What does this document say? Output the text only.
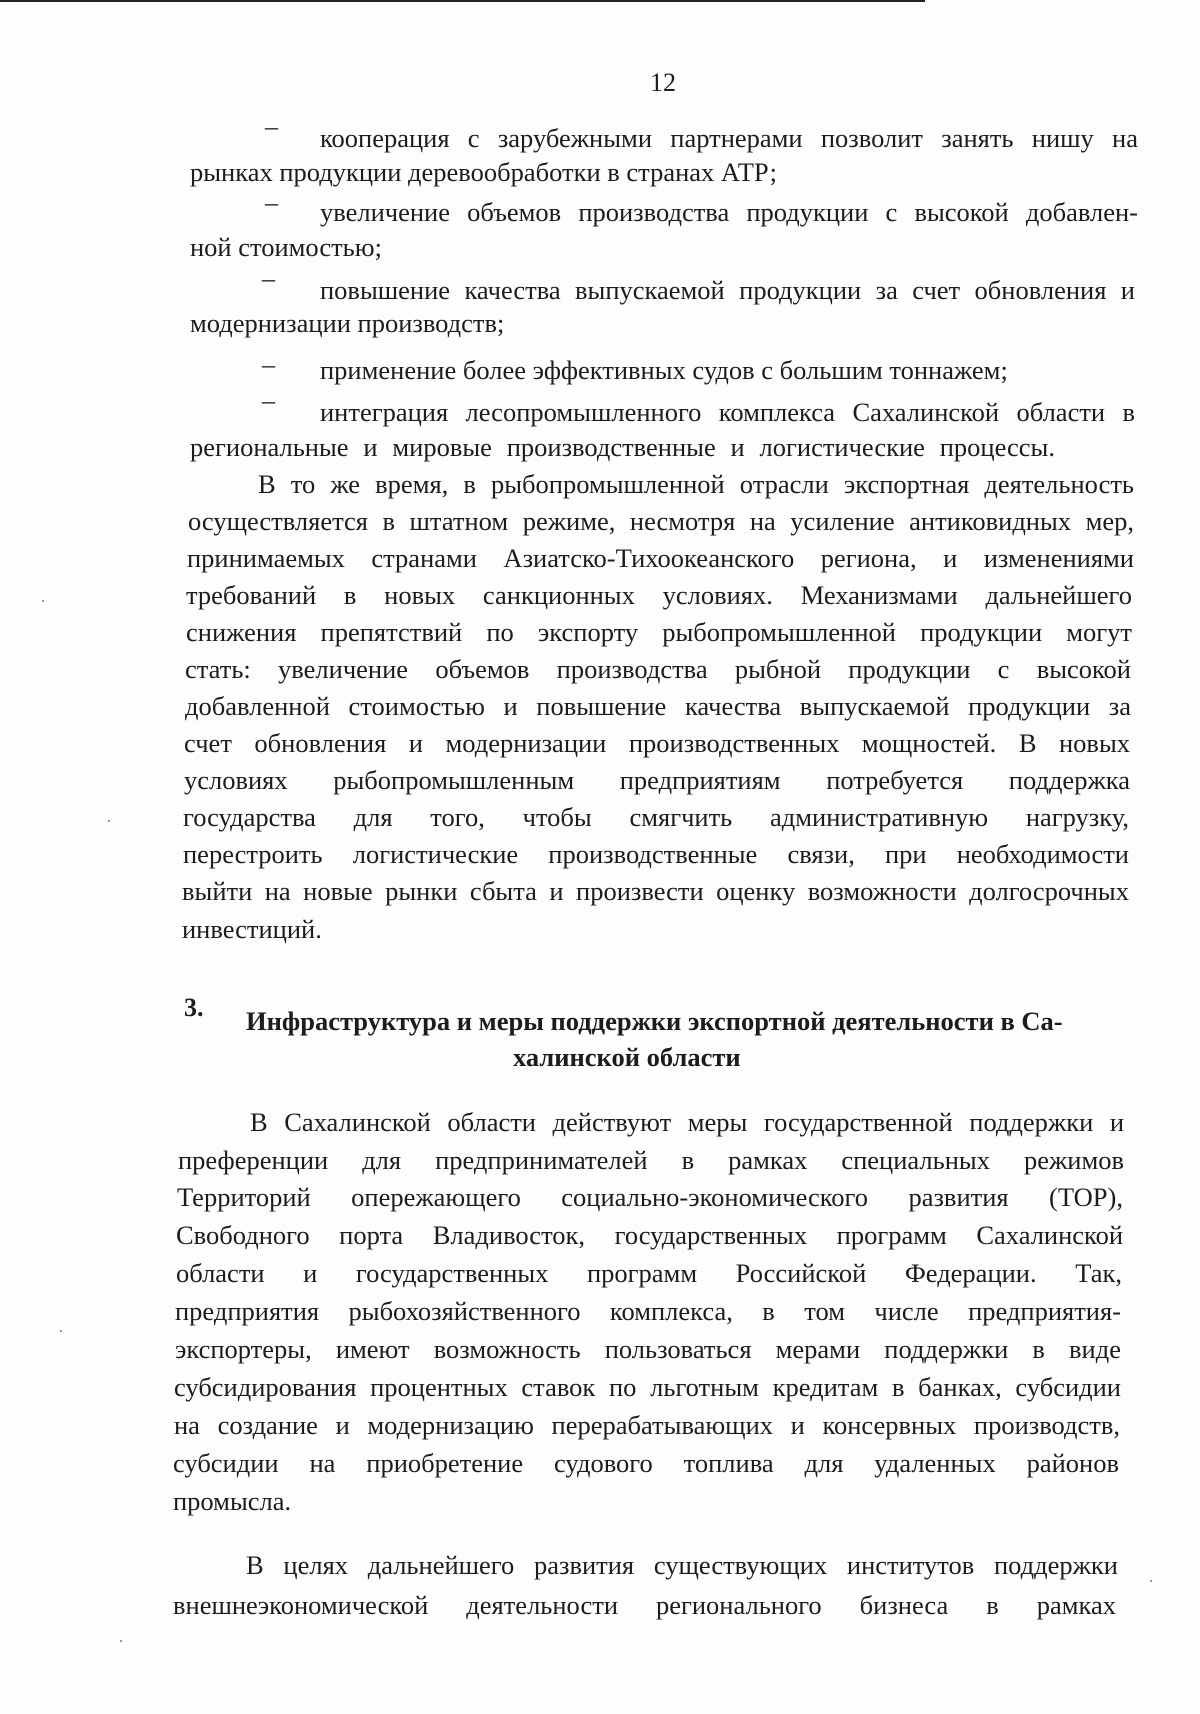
12
– кооперация с зарубежными партнерами позволит занять нишу на
рынках продукции деревообработки в странах АТР;
– увеличение объемов производства продукции с высокой добавлен-
ной стоимостью;
– повышение качества выпускаемой продукции за счет обновления и
модернизации производств;
– применение более эффективных судов с большим тоннажем;
– интеграция лесопромышленного комплекса Сахалинской области в
региональные и мировые производственные и логистические процессы.
В то же время, в рыбопромышленной отрасли экспортная деятельность
осуществляется в штатном режиме, несмотря на усиление антиковидных мер,
принимаемых странами Азиатско-Тихоокеанского региона, и изменениями
требований в новых санкционных условиях. Механизмами дальнейшего
снижения препятствий по экспорту рыбопромышленной продукции могут
стать: увеличение объемов производства рыбной продукции с высокой
добавленной стоимостью и повышение качества выпускаемой продукции за
счет обновления и модернизации производственных мощностей. В новых
условиях рыбопромышленным предприятиям потребуется поддержка
государства для того, чтобы смягчить административную нагрузку,
перестроить логистические производственные связи, при необходимости
выйти на новые рынки сбыта и произвести оценку возможности долгосрочных
инвестиций.
3. Инфраструктура и меры поддержки экспортной деятельности в Са-
халинской области
В Сахалинской области действуют меры государственной поддержки и
преференции для предпринимателей в рамках специальных режимов
Территорий опережающего социально-экономического развития (ТОР),
Свободного порта Владивосток, государственных программ Сахалинской
области и государственных программ Российской Федерации. Так,
предприятия рыбохозяйственного комплекса, в том числе предприятия-
экспортеры, имеют возможность пользоваться мерами поддержки в виде
субсидирования процентных ставок по льготным кредитам в банках, субсидии
на создание и модернизацию перерабатывающих и консервных производств,
субсидии на приобретение судового топлива для удаленных районов
промысла.
В целях дальнейшего развития существующих институтов поддержки
внешнеэкономической деятельности регионального бизнеса в рамках
